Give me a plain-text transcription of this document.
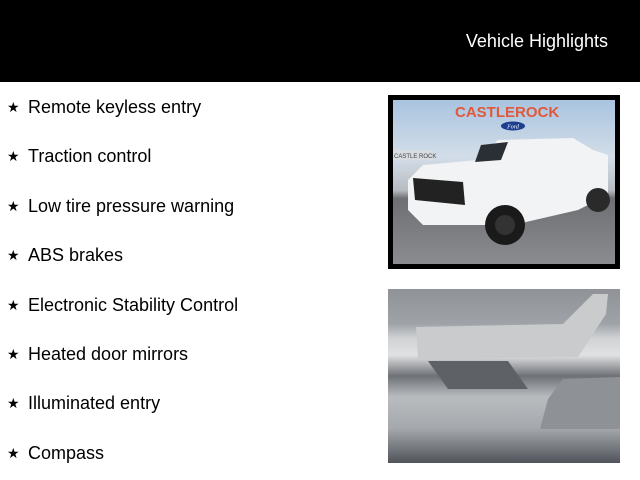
Vehicle Highlights
★ Remote keyless entry
★ Traction control
★ Low tire pressure warning
★ ABS brakes
★ Electronic Stability Control
★ Heated door mirrors
★ Illuminated entry
★ Compass
CASTLEROCK
Ford
CASTLE ROCK
